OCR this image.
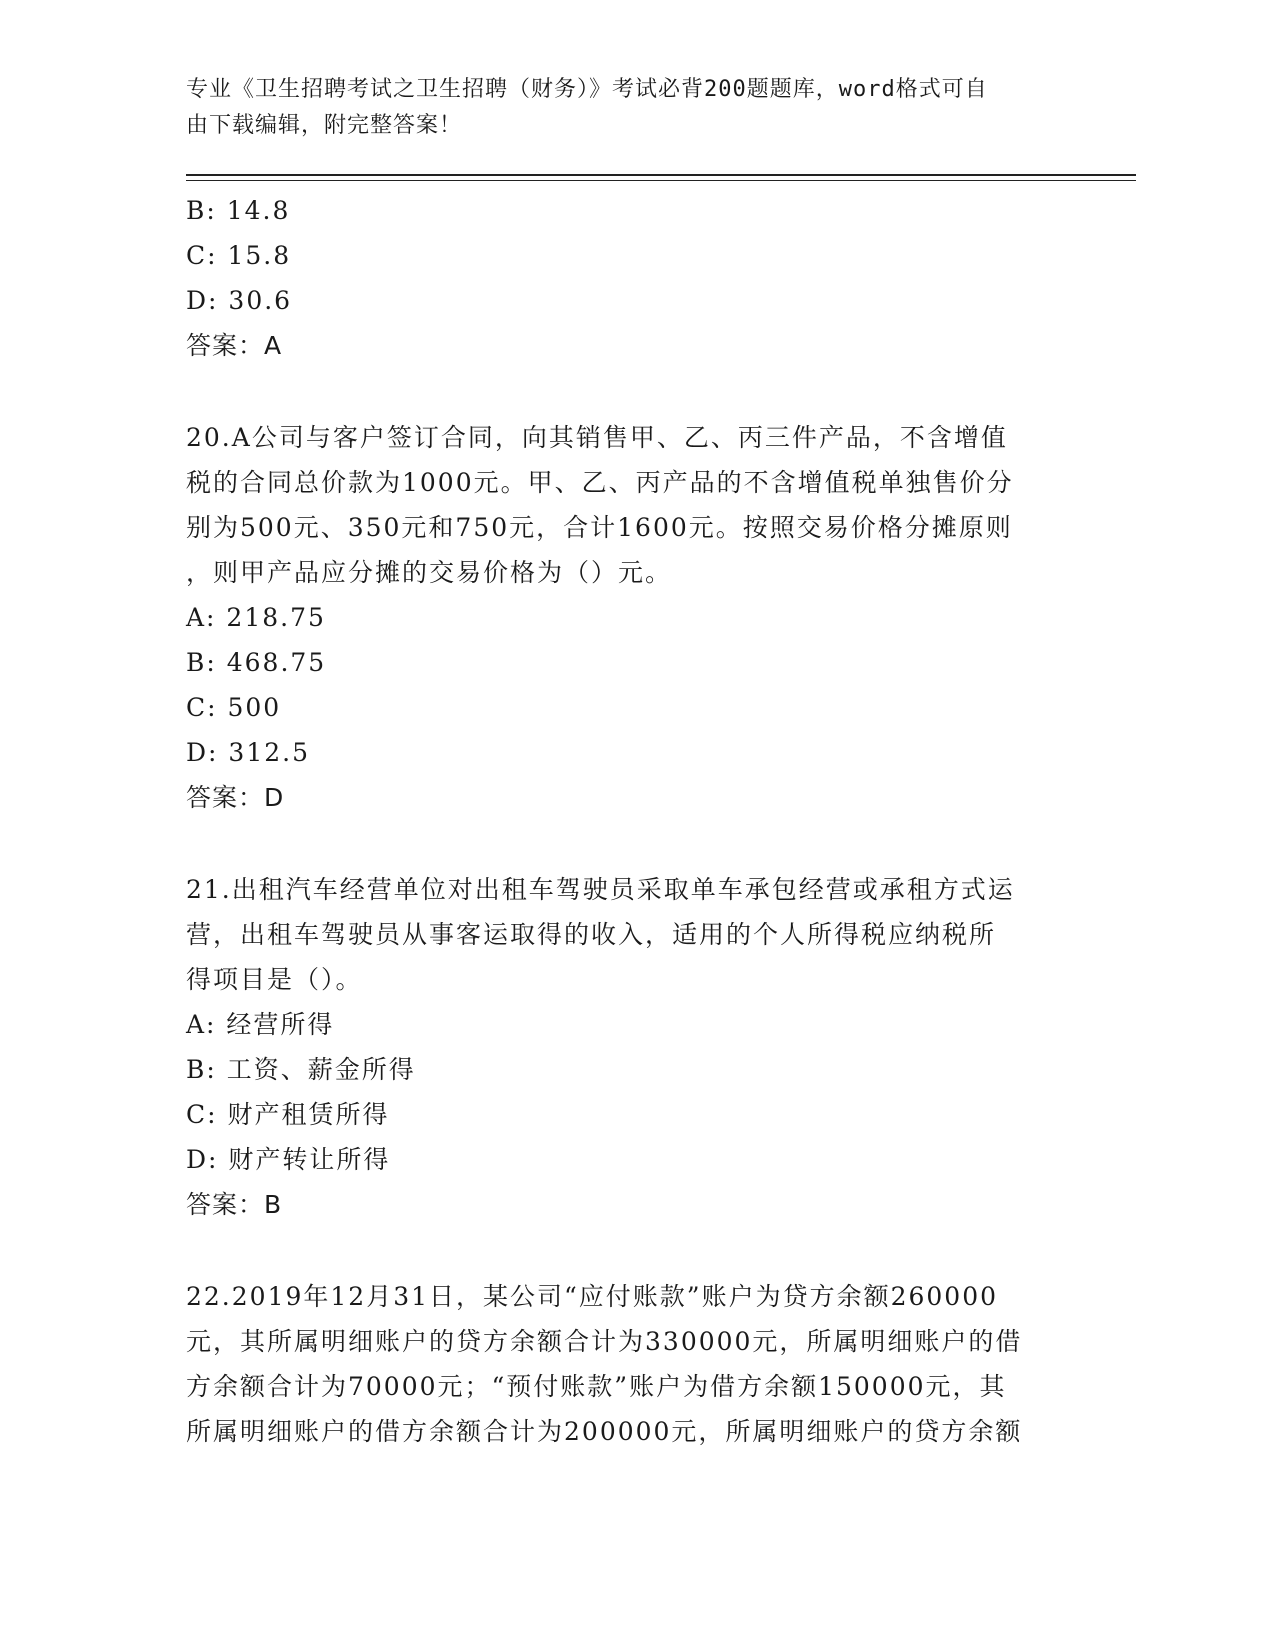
专业《卫生招聘考试之卫生招聘（财务）》考试必背200题题库，word格式可自
由下载编辑，附完整答案！
B: 14.8
C: 15.8
D: 30.6
答案：A
20.A公司与客户签订合同，向其销售甲、乙、丙三件产品，不含增值
税的合同总价款为1000元。甲、乙、丙产品的不含增值税单独售价分
别为500元、350元和750元，合计1600元。按照交易价格分摊原则
，则甲产品应分摊的交易价格为（）元。
A: 218.75
B: 468.75
C: 500
D: 312.5
答案：D
21.出租汽车经营单位对出租车驾驶员采取单车承包经营或承租方式运
营，出租车驾驶员从事客运取得的收入，适用的个人所得税应纳税所
得项目是（）。
A: 经营所得
B: 工资、薪金所得
C: 财产租赁所得
D: 财产转让所得
答案：B
22.2019年12月31日，某公司“应付账款”账户为贷方余额260000
元，其所属明细账户的贷方余额合计为330000元，所属明细账户的借
方余额合计为70000元；“预付账款”账户为借方余额150000元，其
所属明细账户的借方余额合计为200000元，所属明细账户的贷方余额
